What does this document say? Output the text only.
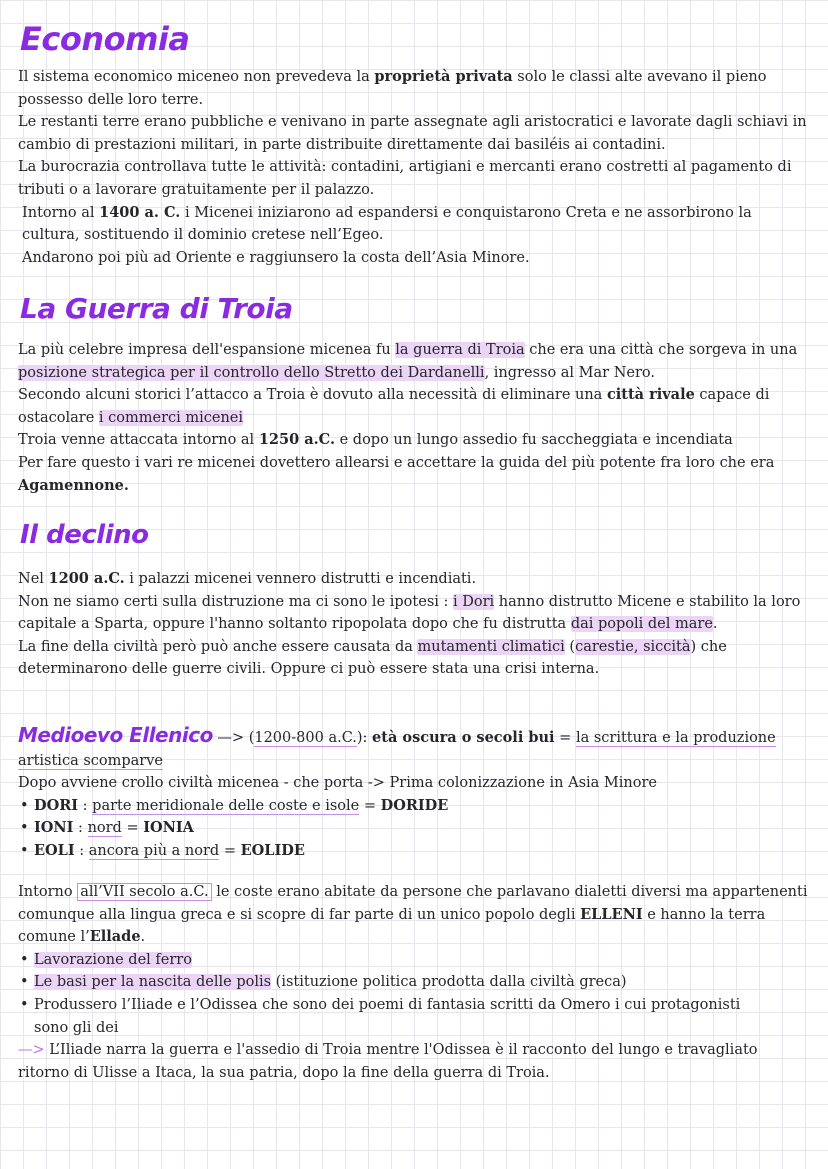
Economia

Il sistema economico miceneo non prevedeva la proprietà privata solo le classi alte avevano il pieno possesso delle loro terre.

Le restanti terre erano pubbliche e venivano in parte assegnate agli aristocratici e lavorate dagli schiavi in cambio di prestazioni militari, in parte distribuite direttamente dai basiléis ai contadini.

La burocrazia controllava tutte le attività: contadini, artigiani e mercanti erano costretti al pagamento di tributi o a lavorare gratuitamente per il palazzo.

Intorno al 1400 a. C. i Micenei iniziarono ad espandersi e conquistarono Creta e ne assorbirono la cultura, sostituendo il dominio cretese nell’Egeo.

Andarono poi più ad Oriente e raggiunsero la costa dell’Asia Minore.

La Guerra di Troia

La più celebre impresa dell'espansione micenea fu la guerra di Troia che era una città che sorgeva in una posizione strategica per il controllo dello Stretto dei Dardanelli, ingresso al Mar Nero.

Secondo alcuni storici l’attacco a Troia è dovuto alla necessità di eliminare una città rivale capace di ostacolare i commerci micenei

Troia venne attaccata intorno al 1250 a.C. e dopo un lungo assedio fu saccheggiata e incendiata

Per fare questo i vari re micenei dovettero allearsi e accettare la guida del più potente fra loro che era Agamennone.

Il declino

Nel 1200 a.C. i palazzi micenei vennero distrutti e incendiati.

Non ne siamo certi sulla distruzione ma ci sono le ipotesi : i Dori hanno distrutto Micene e stabilito la loro capitale a Sparta, oppure l'hanno soltanto ripopolata dopo che fu distrutta dai popoli del mare.

La fine della civiltà però può anche essere causata da mutamenti climatici (carestie, siccità) che determinarono delle guerre civili. Oppure ci può essere stata una crisi interna.

Medioevo Ellenico —> (1200-800 a.C.): età oscura o secoli bui = la scrittura e la produzione artistica scomparve

Dopo avviene crollo civiltà micenea - che porta -> Prima colonizzazione in Asia Minore

• DORI : parte meridionale delle coste e isole = DORIDE
• IONI : nord = IONIA
• EOLI : ancora più a nord = EOLIDE

Intorno all’VII secolo a.C. le coste erano abitate da persone che parlavano dialetti diversi ma appartenenti comunque alla lingua greca e si scopre di far parte di un unico popolo degli ELLENI e hanno la terra comune l’Ellade.

• Lavorazione del ferro
• Le basi per la nascita delle polis (istituzione politica prodotta dalla civiltà greca)
• Produssero l’Iliade e l’Odissea che sono dei poemi di fantasia scritti da Omero i cui protagonisti sono gli dei

—> L’Iliade narra la guerra e l'assedio di Troia mentre l'Odissea è il racconto del lungo e travagliato ritorno di Ulisse a Itaca, la sua patria, dopo la fine della guerra di Troia.
